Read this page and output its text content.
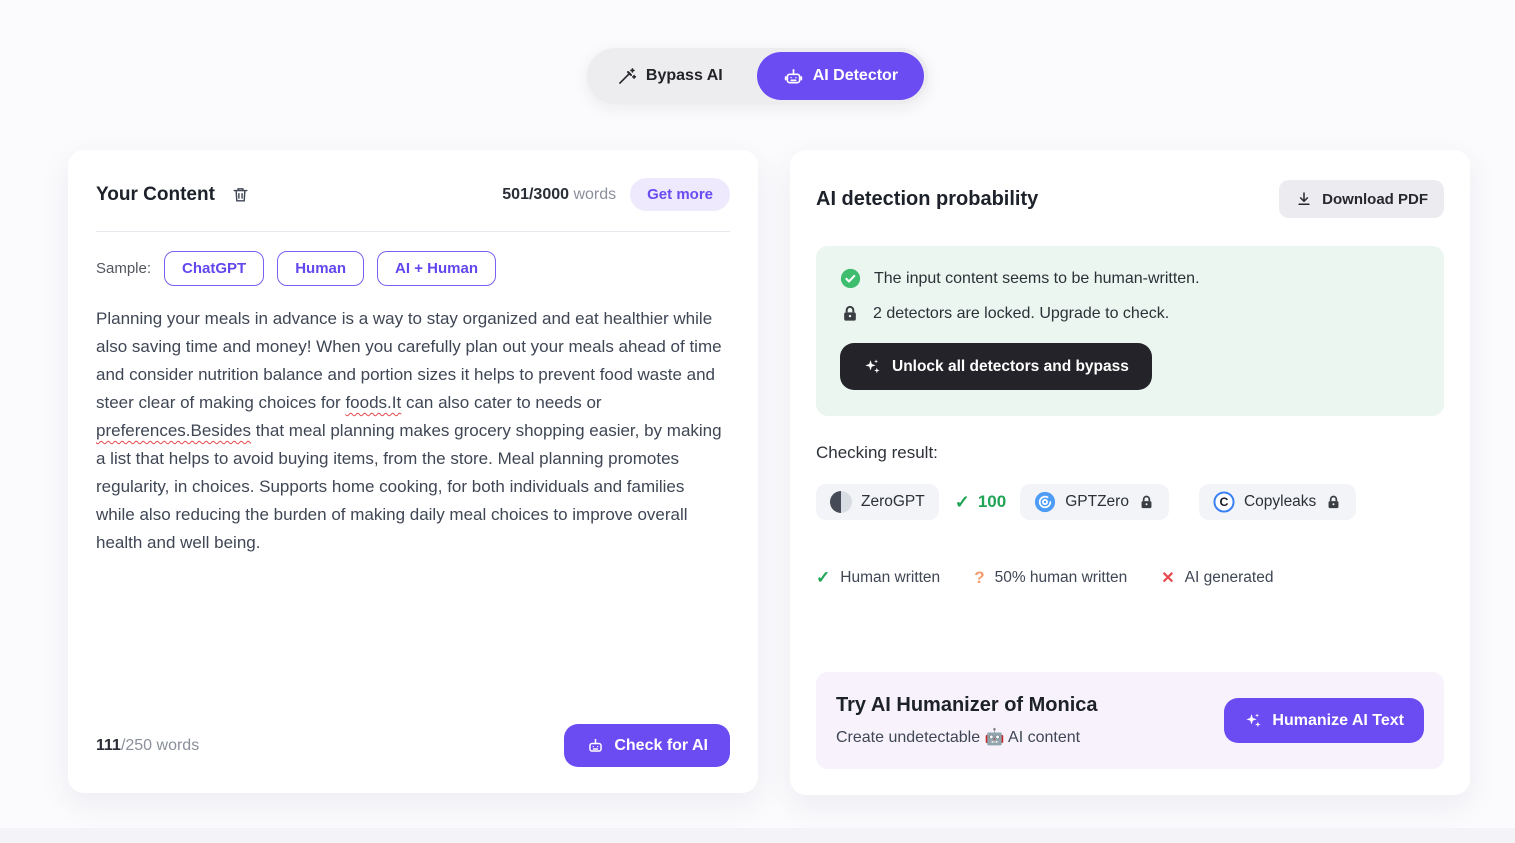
Bypass AI	AI Detector
Your Content	501/3000 words	Get more
Sample:	ChatGPT	Human	AI + Human
Planning your meals in advance is a way to stay organized and eat healthier while also saving time and money! When you carefully plan out your meals ahead of time and consider nutrition balance and portion sizes it helps to prevent food waste and steer clear of making choices for foods.It can also cater to needs or preferences.Besides that meal planning makes grocery shopping easier, by making a list that helps to avoid buying items, from the store. Meal planning promotes regularity, in choices. Supports home cooking, for both individuals and families while also reducing the burden of making daily meal choices to improve overall health and well being.
111/250 words	Check for AI
AI detection probability	Download PDF
The input content seems to be human-written.
2 detectors are locked. Upgrade to check.
Unlock all detectors and bypass
Checking result:
ZeroGPT ✓ 100	GPTZero	C Copyleaks
✓ Human written ? 50% human written ✕ AI generated
Try AI Humanizer of Monica
Create undetectable 🤖 AI content
Humanize AI Text
